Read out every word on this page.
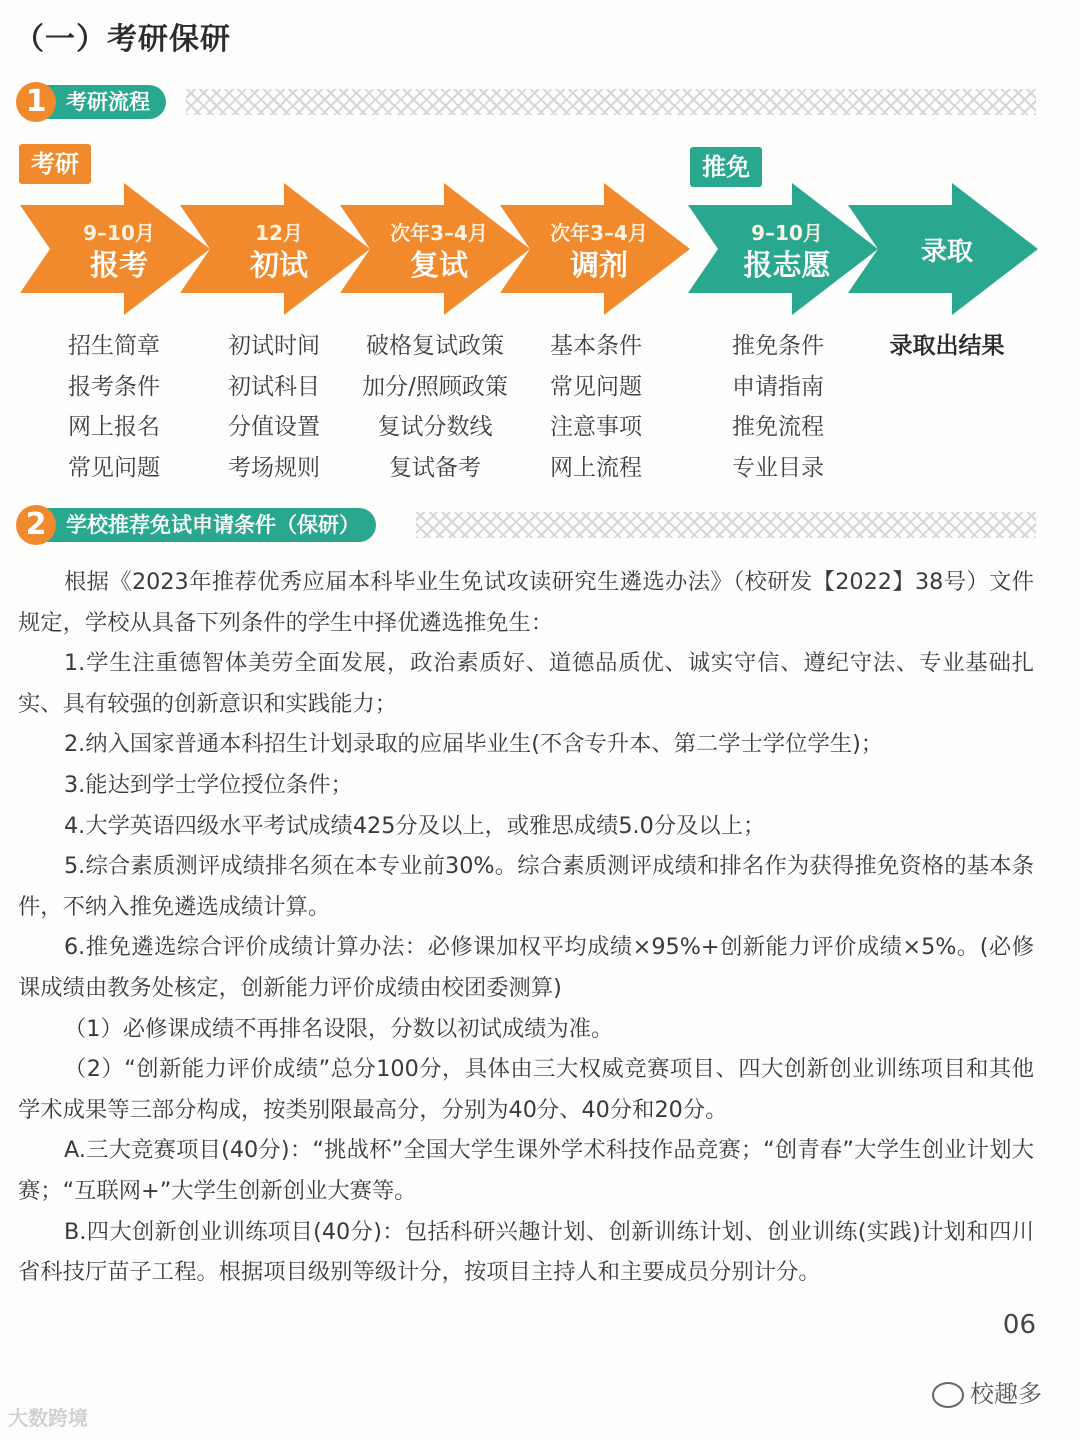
（一）考研保研
1 考研流程
考研	推免
9–10月
报考
12月
初试
次年3–4月
复试
次年3–4月
调剂
9–10月
报志愿	录取
招生简章
报考条件
网上报名
常见问题
初试时间
初试科目
分值设置
考场规则
破格复试政策
加分/照顾政策
复试分数线
复试备考
基本条件
常见问题
注意事项
网上流程
推免条件
申请指南
推免流程
专业目录
录取出结果
2 学校推荐免试申请条件（保研）

根据《2023年推荐优秀应届本科毕业生免试攻读研究生遴选办法》（校研发【2022】38号）文件规定，学校从具备下列条件的学生中择优遴选推免生：

1.学生注重德智体美劳全面发展，政治素质好、道德品质优、诚实守信、遵纪守法、专业基础扎实、具有较强的创新意识和实践能力；

2.纳入国家普通本科招生计划录取的应届毕业生(不含专升本、第二学士学位学生)；

3.能达到学士学位授位条件；

4.大学英语四级水平考试成绩425分及以上，或雅思成绩5.0分及以上；

5.综合素质测评成绩排名须在本专业前30%。综合素质测评成绩和排名作为获得推免资格的基本条件，不纳入推免遴选成绩计算。

6.推免遴选综合评价成绩计算办法：必修课加权平均成绩×95%+创新能力评价成绩×5%。(必修课成绩由教务处核定，创新能力评价成绩由校团委测算)

（1）必修课成绩不再排名设限，分数以初试成绩为准。

（2）“创新能力评价成绩”总分100分，具体由三大权威竞赛项目、四大创新创业训练项目和其他学术成果等三部分构成，按类别限最高分，分别为40分、40分和20分。

A.三大竞赛项目(40分)：“挑战杯”全国大学生课外学术科技作品竞赛；“创青春”大学生创业计划大赛；“互联网+”大学生创新创业大赛等。

B.四大创新创业训练项目(40分)：包括科研兴趣计划、创新训练计划、创业训练(实践)计划和四川省科技厅苗子工程。根据项目级别等级计分，按项目主持人和主要成员分别计分。

06
校趣多
大数跨境
